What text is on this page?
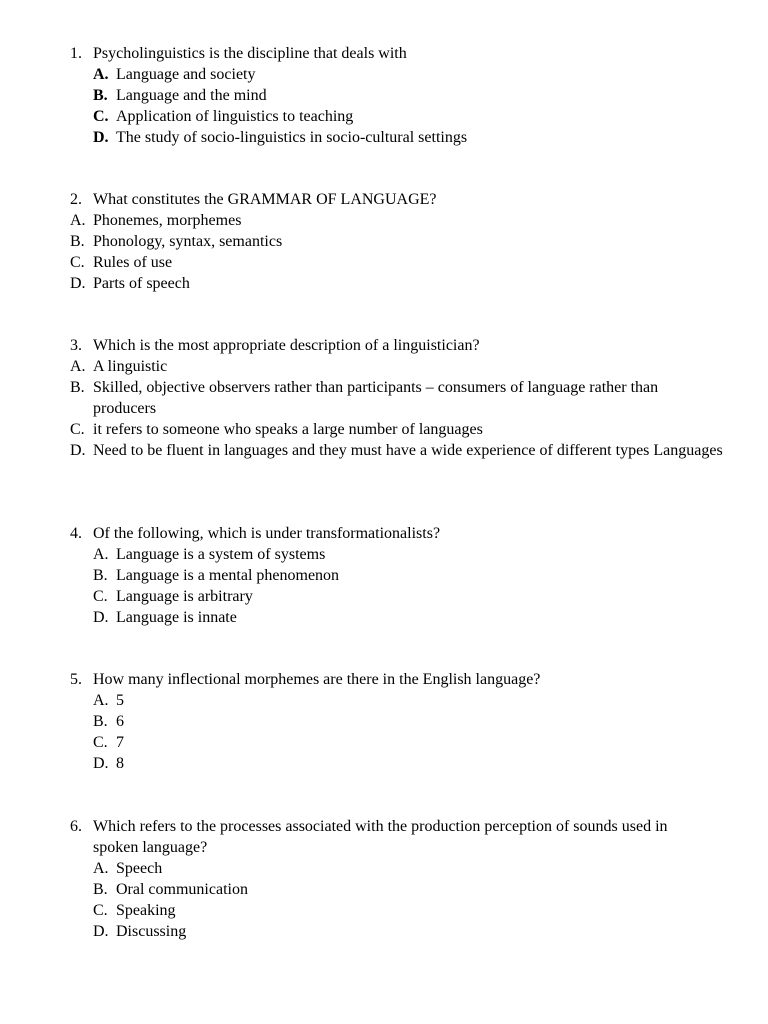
1. Psycholinguistics is the discipline that deals with
A. Language and society
B. Language and the mind
C. Application of linguistics to teaching
D. The study of socio-linguistics in socio-cultural settings
2. What constitutes the GRAMMAR OF LANGUAGE?
A. Phonemes, morphemes
B. Phonology, syntax, semantics
C. Rules of use
D. Parts of speech
3. Which is the most appropriate description of a linguistician?
A. A linguistic
B. Skilled, objective observers rather than participants – consumers of language rather than producers
C. it refers to someone who speaks a large number of languages
D. Need to be fluent in languages and they must have a wide experience of different types Languages
4. Of the following, which is under transformationalists?
A. Language is a system of systems
B. Language is a mental phenomenon
C. Language is arbitrary
D. Language is innate
5. How many inflectional morphemes are there in the English language?
A. 5
B. 6
C. 7
D. 8
6. Which refers to the processes associated with the production perception of sounds used in spoken language?
A. Speech
B. Oral communication
C. Speaking
D. Discussing
